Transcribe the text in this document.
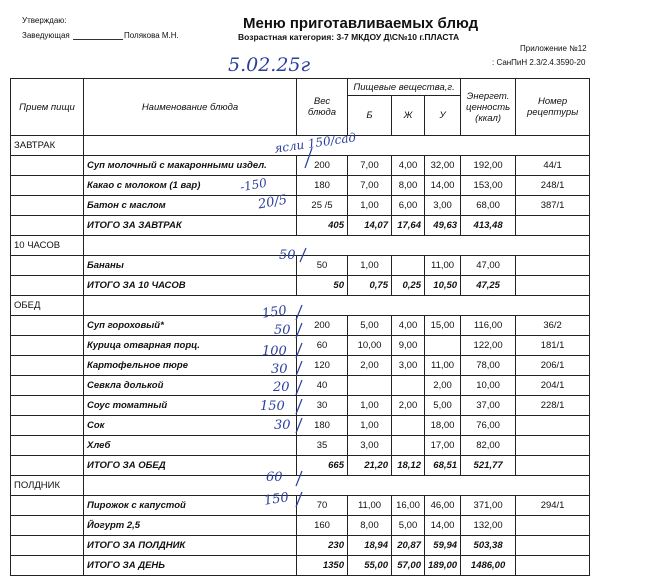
Утверждаю:
Заведующая	Полякова М.Н.
Меню приготавливаемых блюд
Возрастная категория: 3-7 МКДОУ Д\С№10 г.ПЛАСТА
Приложение №12
: СанПиН 2.3/2.4.3590-20
5.02.25г
Прием пищи	Наименование блюда	Вес блюда	Пищевые вещества,г.			Энергет. ценность (ккал)	Номер рецептуры
			Б	Ж	У		
ЗАВТРАК							
	Суп молочный с макаронными издел.	200	7,00	4,00	32,00	192,00	44/1
	Какао с молоком (1 вар)	180	7,00	8,00	14,00	153,00	248/1
	Батон с маслом	25 /5	1,00	6,00	3,00	68,00	387/1
	ИТОГО ЗА ЗАВТРАК	405	14,07	17,64	49,63	413,48	
10 ЧАСОВ							
	Бананы	50	1,00		11,00	47,00	
	ИТОГО ЗА 10 ЧАСОВ	50	0,75	0,25	10,50	47,25	
ОБЕД							
	Суп гороховый*	200	5,00	4,00	15,00	116,00	36/2
	Курица отварная порц.	60	10,00	9,00		122,00	181/1
	Картофельное пюре	120	2,00	3,00	11,00	78,00	206/1
	Севкла долькой	40			2,00	10,00	204/1
	Соус томатный	30	1,00	2,00	5,00	37,00	228/1
	Сок	180	1,00		18,00	76,00	
	Хлеб	35	3,00		17,00	82,00	
	ИТОГО ЗА ОБЕД	665	21,20	18,12	68,51	521,77	
ПОЛДНИК							
	Пирожок с капустой	70	11,00	16,00	46,00	371,00	294/1
	Йогурт 2,5	160	8,00	5,00	14,00	132,00	
	ИТОГО ЗА ПОЛДНИК	230	18,94	20,87	59,94	503,38	
	ИТОГО ЗА ДЕНЬ	1350	55,00	57,00	189,00	1486,00	
ясли 150/сад
-150
20/5
50
150
50
100
30
20
150
30
60
150
